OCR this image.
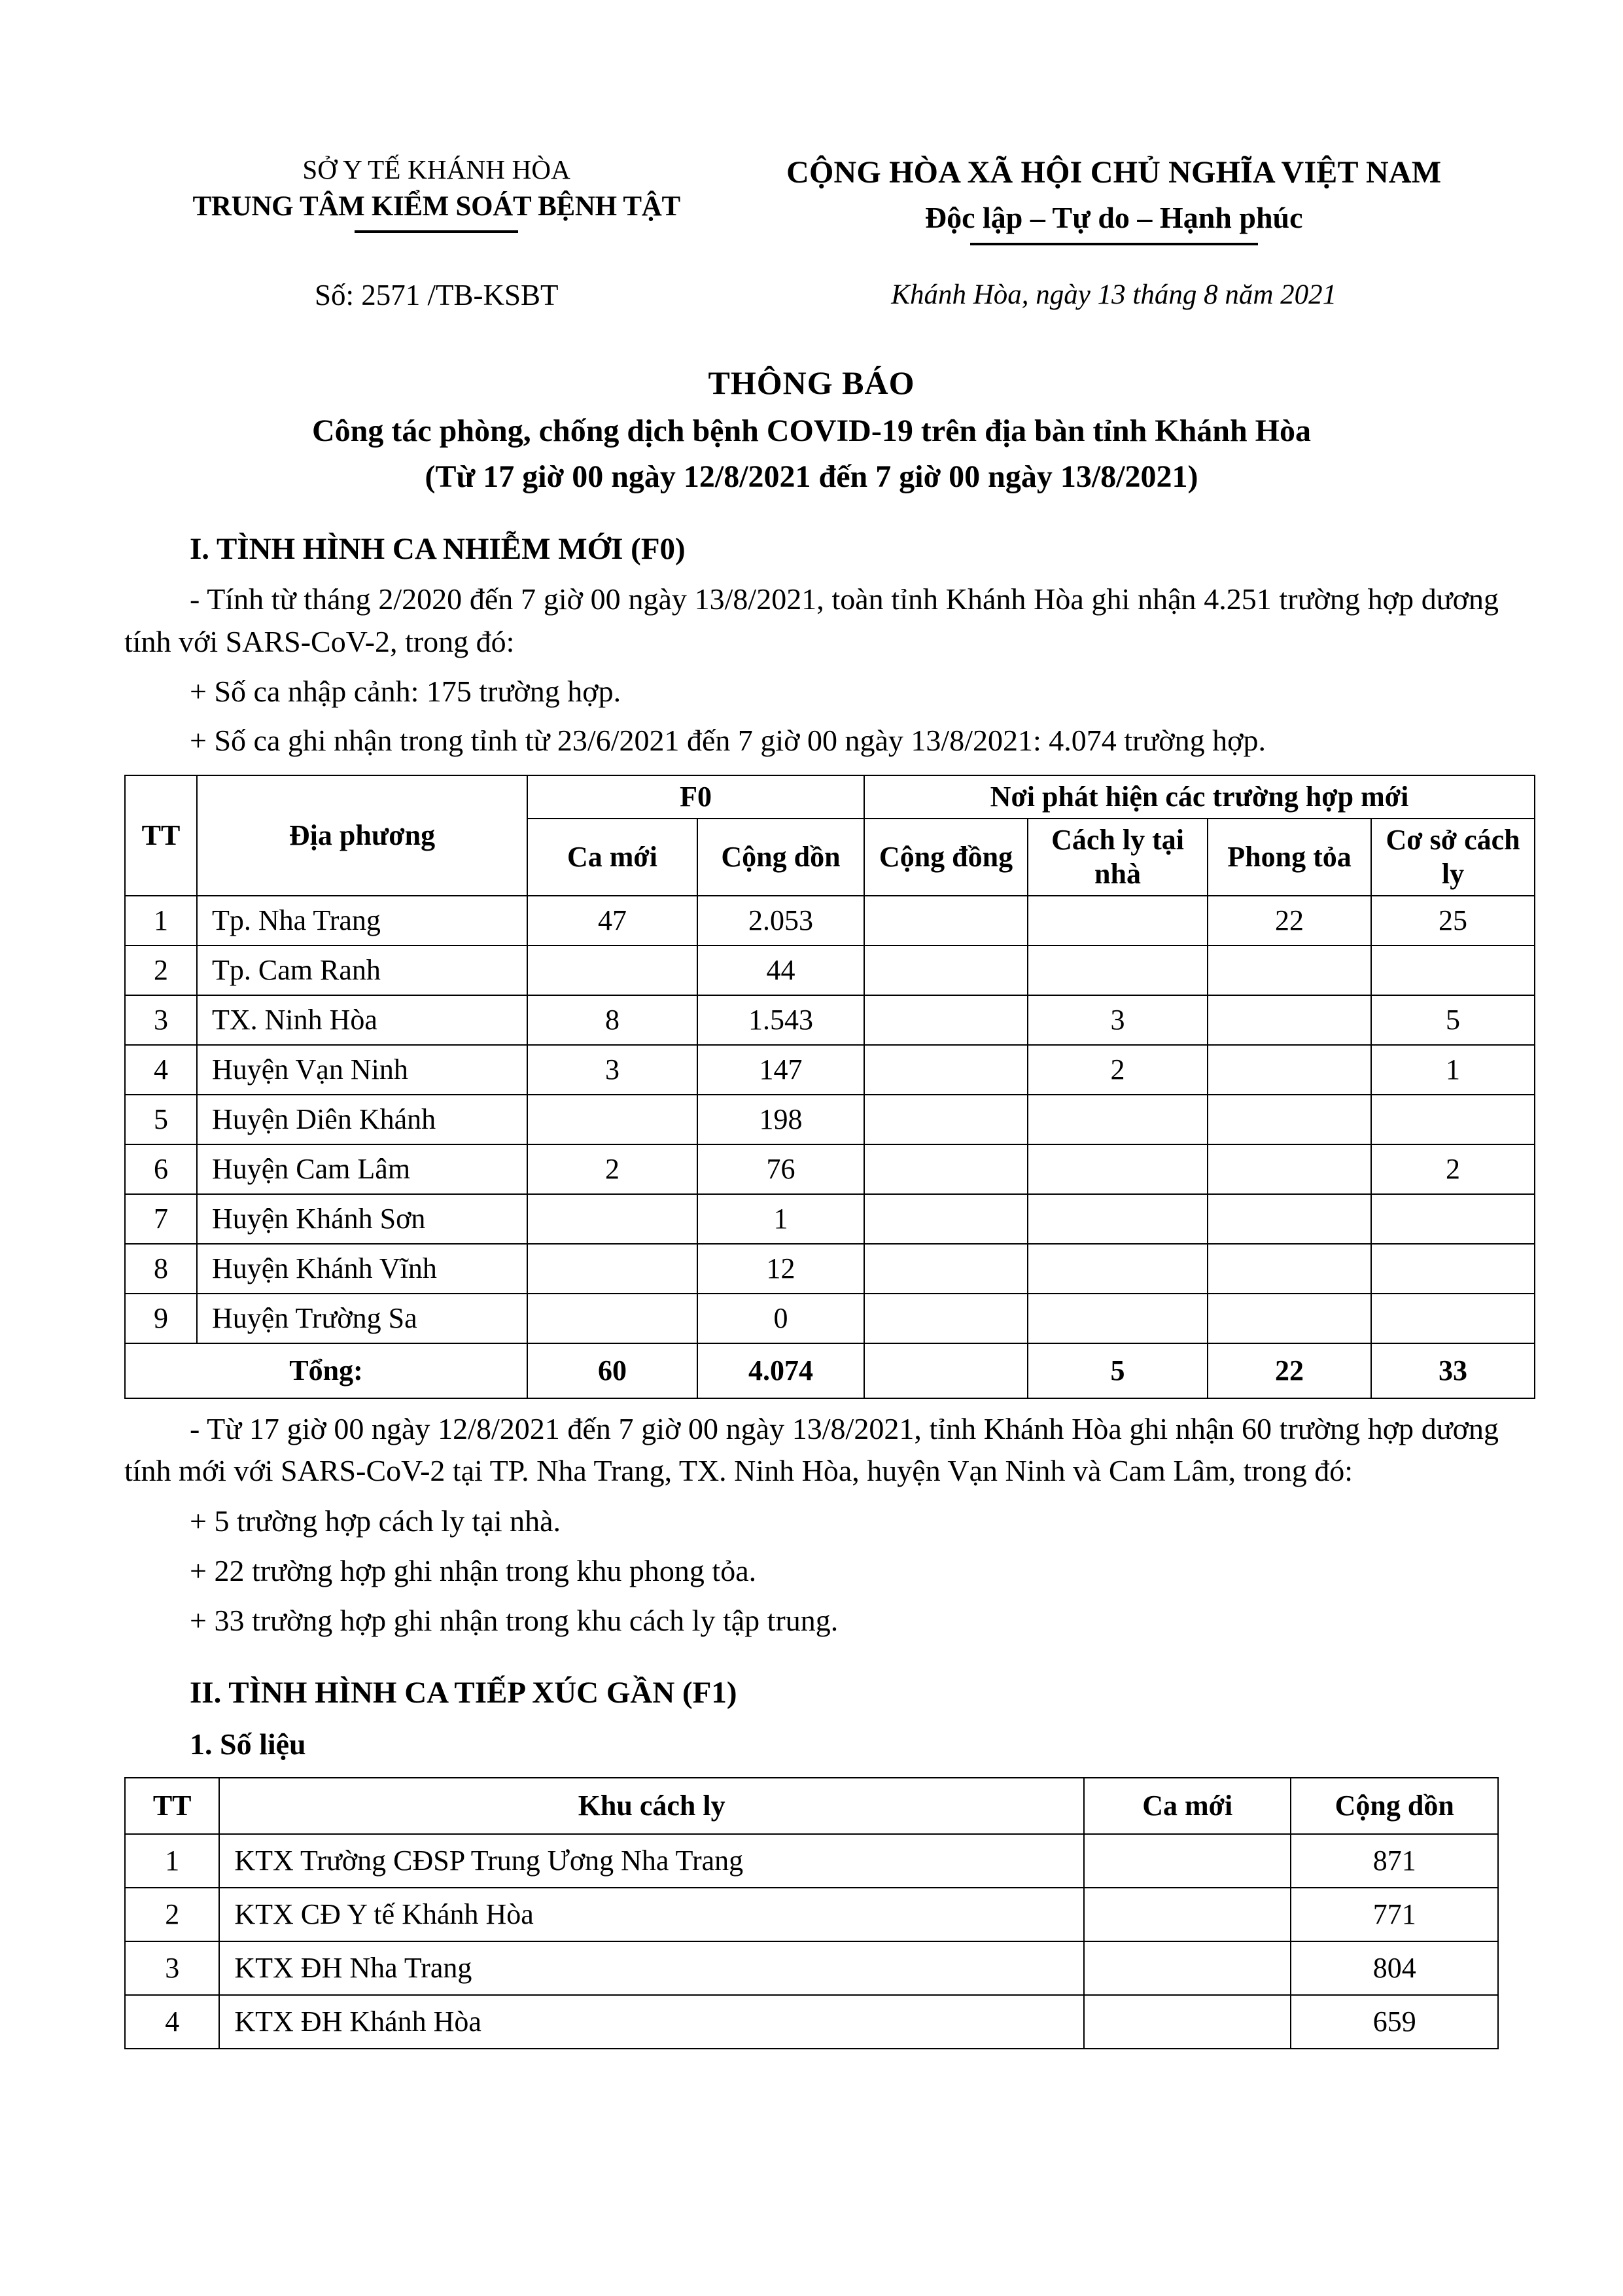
SỞ Y TẾ KHÁNH HÒA
TRUNG TÂM KIỂM SOÁT BỆNH TẬT
CỘNG HÒA XÃ HỘI CHỦ NGHĨA VIỆT NAM
Độc lập – Tự do – Hạnh phúc
Số: 2571 /TB-KSBT	Khánh Hòa, ngày 13 tháng 8 năm 2021
THÔNG BÁO
Công tác phòng, chống dịch bệnh COVID-19 trên địa bàn tỉnh Khánh Hòa
(Từ 17 giờ 00 ngày 12/8/2021 đến 7 giờ 00 ngày 13/8/2021)
I. TÌNH HÌNH CA NHIỄM MỚI (F0)

- Tính từ tháng 2/2020 đến 7 giờ 00 ngày 13/8/2021, toàn tỉnh Khánh Hòa ghi nhận 4.251 trường hợp dương tính với SARS-CoV-2, trong đó:

+ Số ca nhập cảnh: 175 trường hợp.

+ Số ca ghi nhận trong tỉnh từ 23/6/2021 đến 7 giờ 00 ngày 13/8/2021: 4.074 trường hợp.

TT	Địa phương	F0		Nơi phát hiện các trường hợp mới			
		Ca mới	Cộng dồn	Cộng đồng	Cách ly tại nhà	Phong tỏa	Cơ sở cách ly
1	Tp. Nha Trang	47	2.053			22	25
2	Tp. Cam Ranh		44				
3	TX. Ninh Hòa	8	1.543		3		5
4	Huyện Vạn Ninh	3	147		2		1
5	Huyện Diên Khánh		198				
6	Huyện Cam Lâm	2	76				2
7	Huyện Khánh Sơn		1				
8	Huyện Khánh Vĩnh		12				
9	Huyện Trường Sa		0				
Tổng:		60	4.074		5	22	33

- Từ 17 giờ 00 ngày 12/8/2021 đến 7 giờ 00 ngày 13/8/2021, tỉnh Khánh Hòa ghi nhận 60 trường hợp dương tính mới với SARS-CoV-2 tại TP. Nha Trang, TX. Ninh Hòa, huyện Vạn Ninh và Cam Lâm, trong đó:

+ 5 trường hợp cách ly tại nhà.

+ 22 trường hợp ghi nhận trong khu phong tỏa.

+ 33 trường hợp ghi nhận trong khu cách ly tập trung.

II. TÌNH HÌNH CA TIẾP XÚC GẦN (F1)
1. Số liệu
TT	Khu cách ly	Ca mới	Cộng dồn
1	KTX Trường CĐSP Trung Ương Nha Trang		871
2	KTX CĐ Y tế Khánh Hòa		771
3	KTX ĐH Nha Trang		804
4	KTX ĐH Khánh Hòa		659
